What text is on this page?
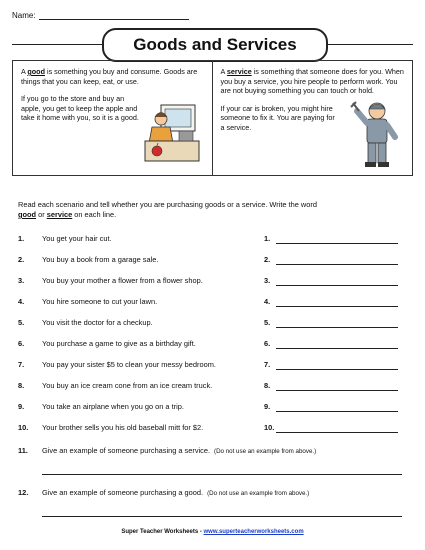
Name:
Goods and Services

A good is something you buy and consume. Goods are things that you can keep, eat, or use.

If you go to the store and buy an apple, you get to keep the apple and take it home with you, so it is a good.

A service is something that someone does for you. When you buy a service, you hire people to perform work. You are not buying something you can touch or hold.

If your car is broken, you might hire someone to fix it. You are paying for a service.

Read each scenario and tell whether you are purchasing goods or a service. Write the word
good or service on each line.
1. You get your hair cut.	1.
2. You buy a book from a garage sale.	2.
3. You buy your mother a flower from a flower shop.	3.
4. You hire someone to cut your lawn.	4.
5. You visit the doctor for a checkup.	5.
6. You purchase a game to give as a birthday gift.	6.
7. You pay your sister $5 to clean your messy bedroom.	7.
8. You buy an ice cream cone from an ice cream truck.	8.
9. You take an airplane when you go on a trip.	9.
10. Your brother sells you his old baseball mitt for $2.	10.
11. Give an example of someone purchasing a service. (Do not use an example from above.)
12. Give an example of someone purchasing a good. (Do not use an example from above.)
Super Teacher Worksheets - www.superteacherworksheets.com
